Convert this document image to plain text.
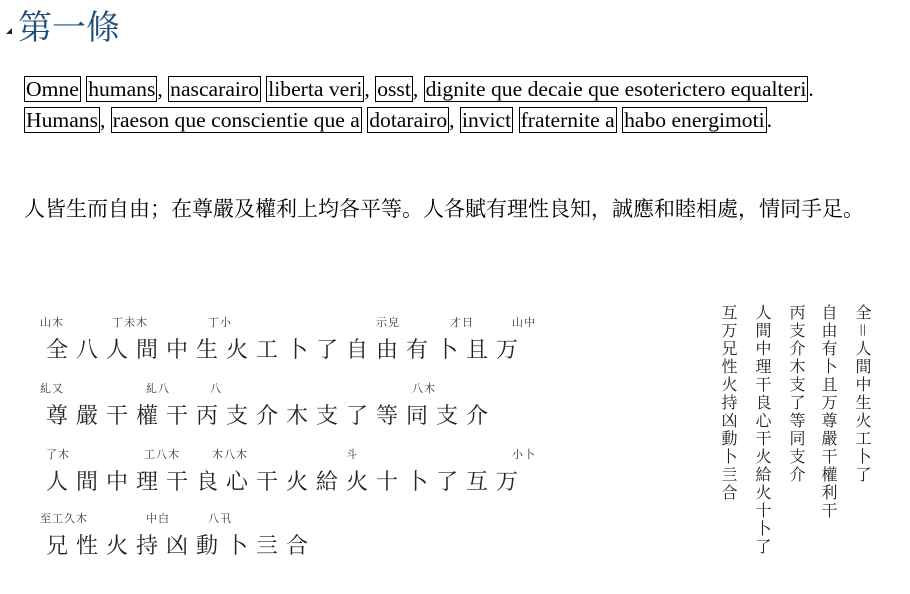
第一條
Omne humans, nascarairo liberta veri, osst, dignite que decaie que esoterictero equalteri. Humans, raeson que conscientie que a dotarairo, invict fraternite a habo energimoti.
人皆生而自由；在尊嚴及權利上均各平等。人各賦有理性良知，誠應和睦相處，情同手足。
山木	丁未木	丁小	示皃	才日	山中
全 八 人 間 中 生 火 工 卜 了 自 由 有 卜 且 万
糺又	糺八	八	八木
尊 嚴 干 權 干 丙 支 介 木 支 了 等 同 支 介
了木	工八木	木八木	斗	小卜
人 間 中 理 干 良 心 干 火 給 火 十 卜 了 互 万
至工久木	中白	八卂
兄 性 火 持 凶 動 卜 亖 合
全＝人間中生火工卜了
自由有卜且万尊嚴干權利干
丙支介木支了等同支介
人間中理干良心干火給火十卜了
互万兄性火持凶動卜亖合
